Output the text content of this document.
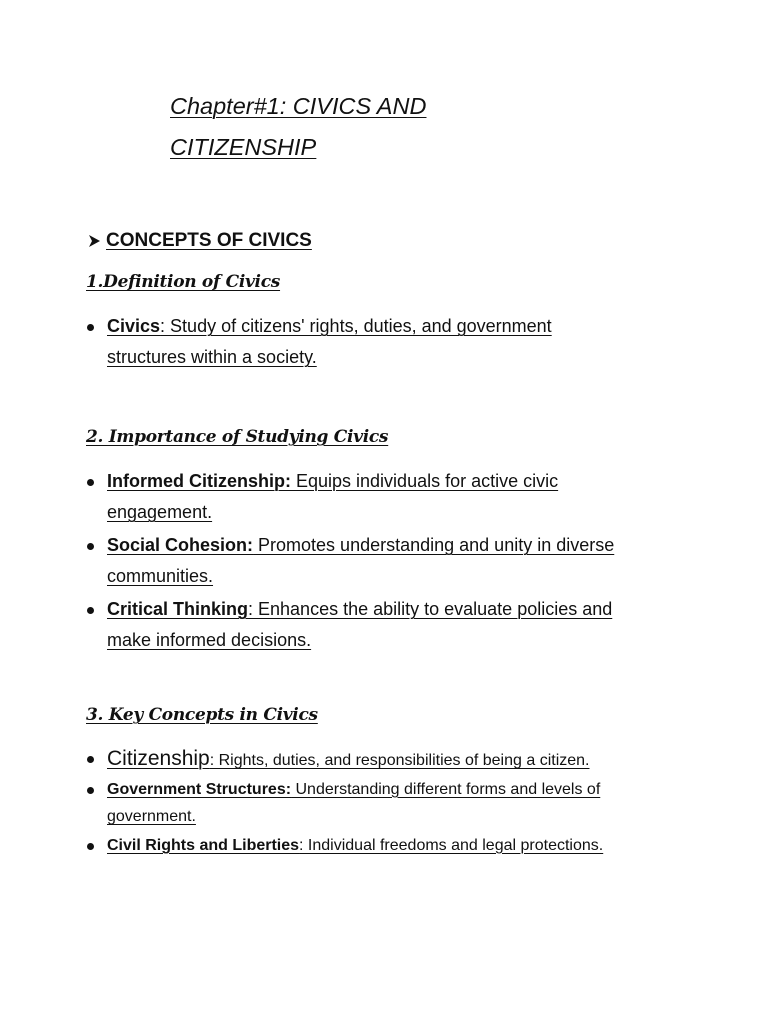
Chapter#1: CIVICS AND
CITIZENSHIP
CONCEPTS OF CIVICS
1.Definition of Civics
Civics: Study of citizens' rights, duties, and government structures within a society.
2. Importance of Studying Civics
Informed Citizenship: Equips individuals for active civic engagement.
Social Cohesion: Promotes understanding and unity in diverse communities.
Critical Thinking: Enhances the ability to evaluate policies and make informed decisions.
3. Key Concepts in Civics
Citizenship: Rights, duties, and responsibilities of being a citizen.
Government Structures: Understanding different forms and levels of government.
Civil Rights and Liberties: Individual freedoms and legal protections.
